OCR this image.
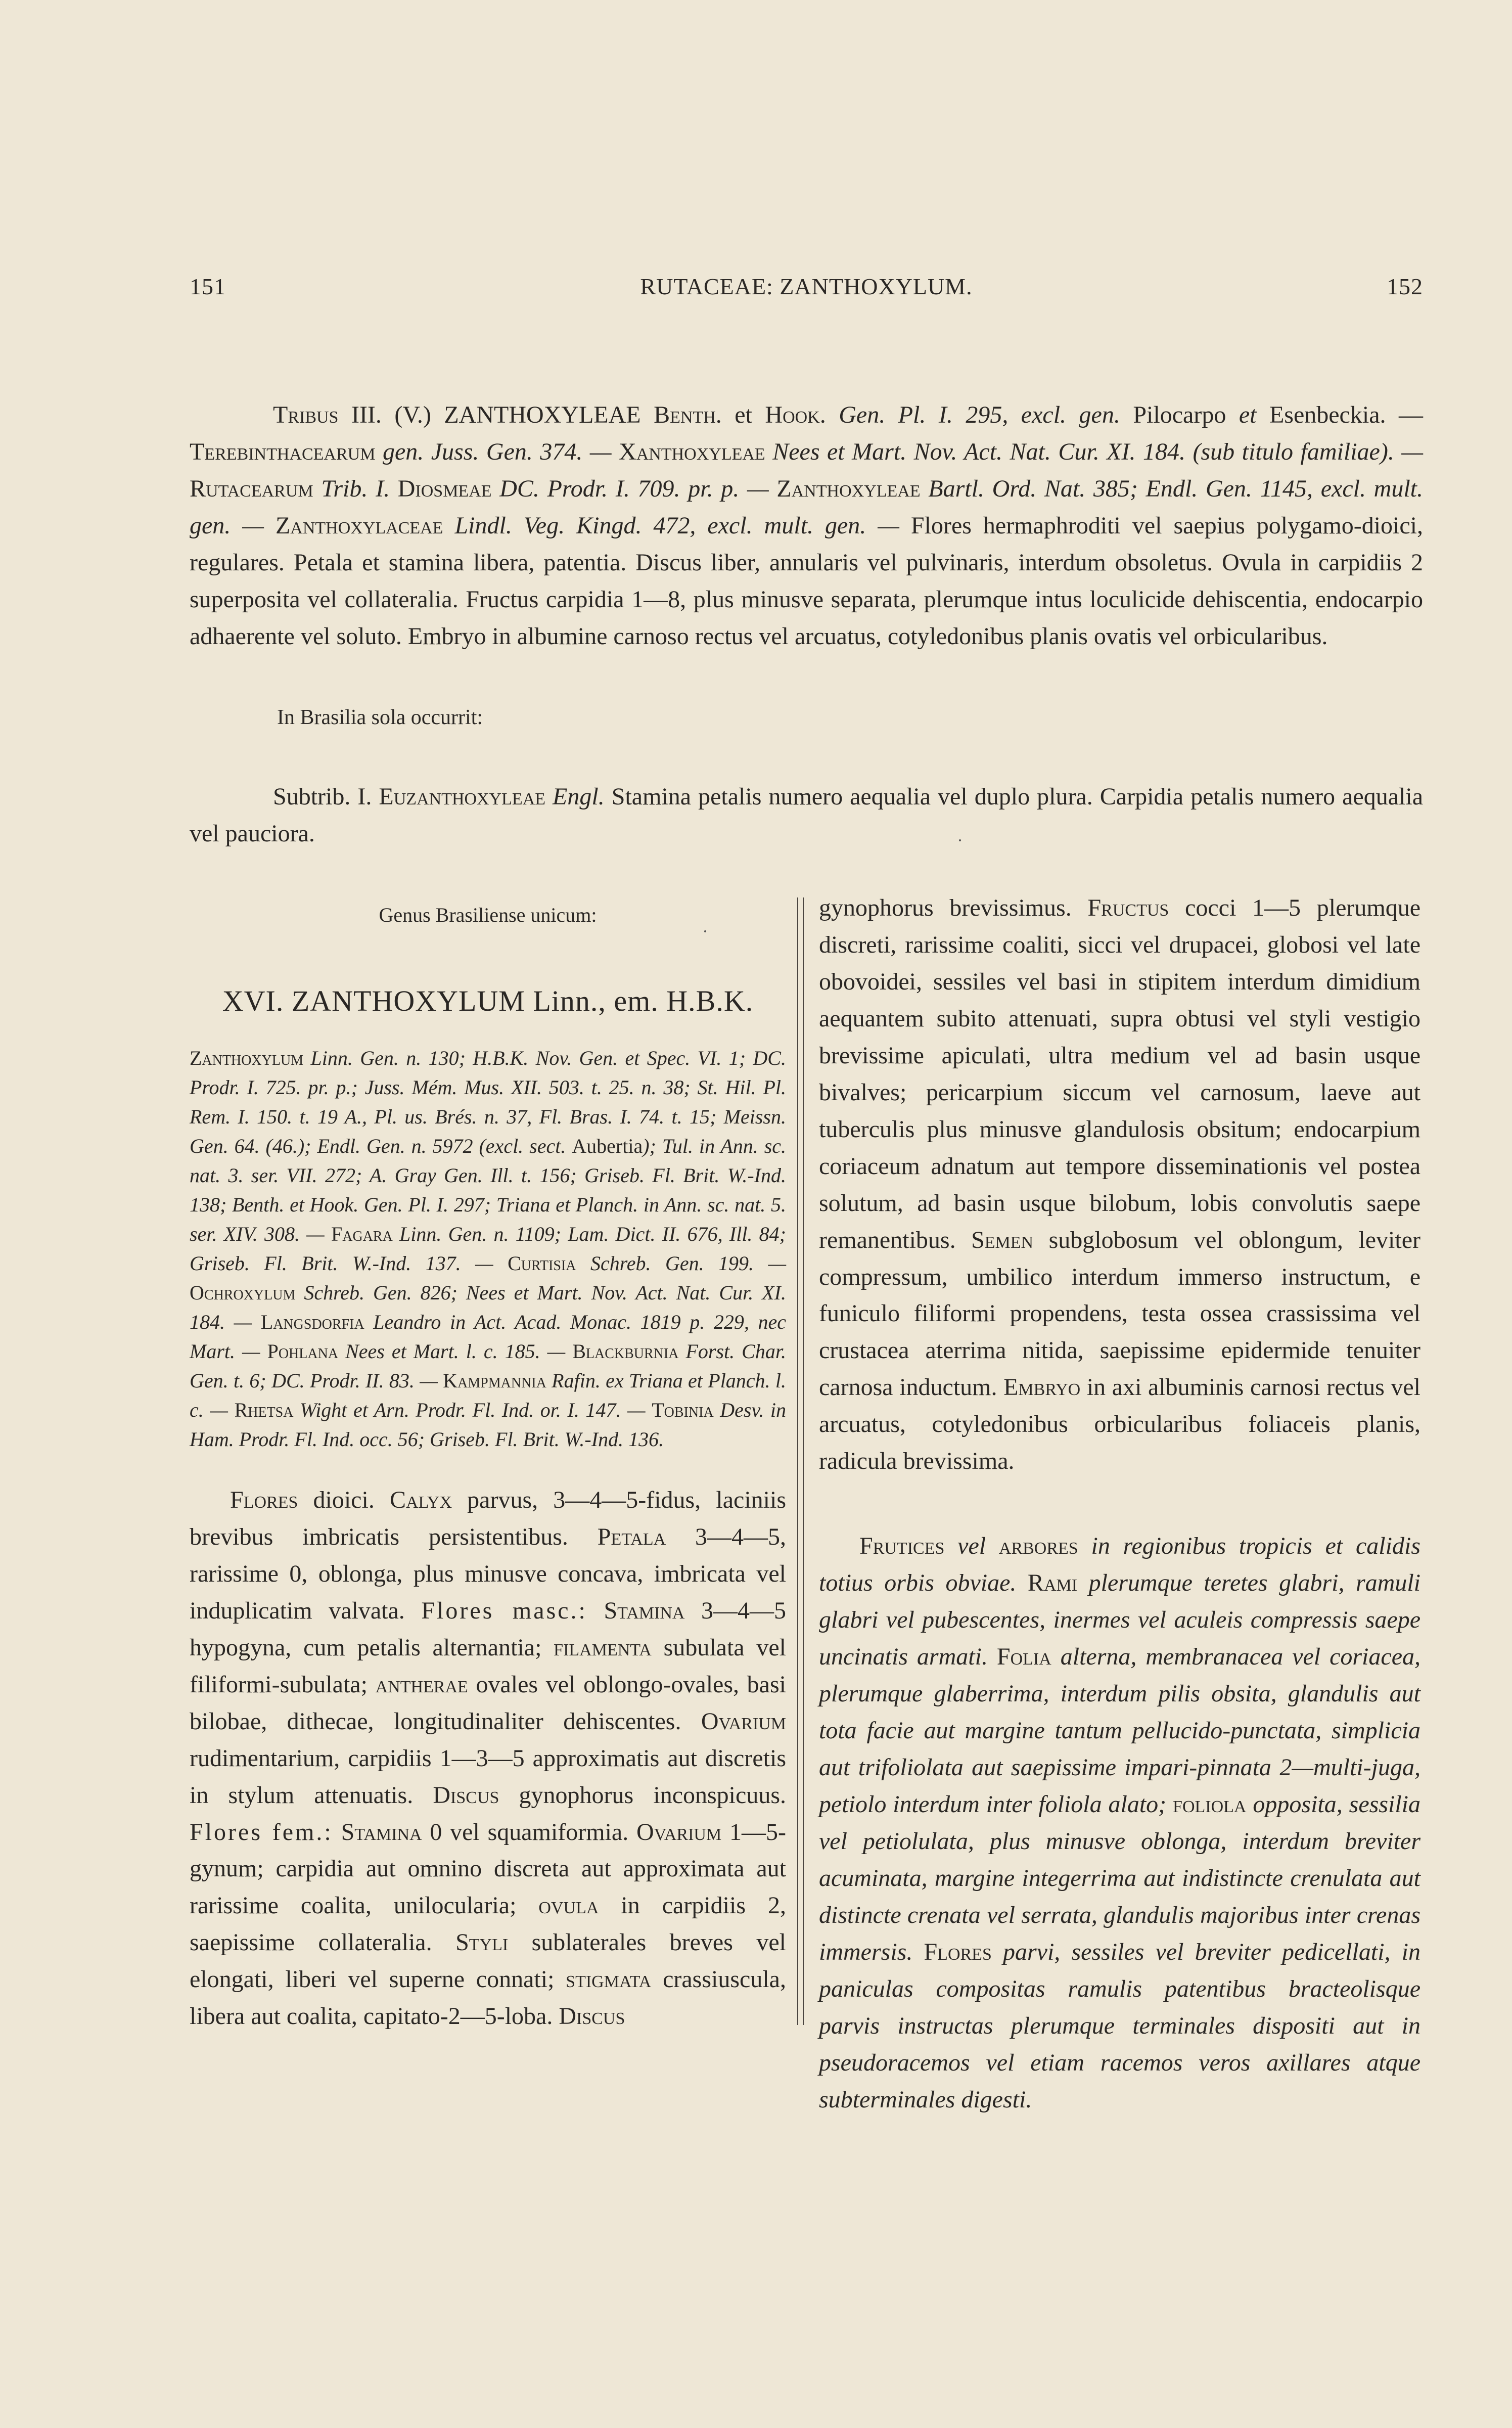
151	RUTACEAE: ZANTHOXYLUM.	152

Tribus III. (V.) ZANTHOXYLEAE Benth. et Hook. Gen. Pl. I. 295, excl. gen. Pilocarpo et Esenbeckia. — Terebinthacearum gen. Juss. Gen. 374. — Xanthoxyleae Nees et Mart. Nov. Act. Nat. Cur. XI. 184. (sub titulo familiae). — Rutacearum Trib. I. Diosmeae DC. Prodr. I. 709. pr. p. — Zanthoxyleae Bartl. Ord. Nat. 385; Endl. Gen. 1145, excl. mult. gen. — Zanthoxylaceae Lindl. Veg. Kingd. 472, excl. mult. gen. — Flores hermaphroditi vel saepius polygamo-dioici, regulares. Petala et stamina libera, patentia. Discus liber, annularis vel pulvinaris, interdum obsoletus. Ovula in carpidiis 2 superposita vel collateralia. Fructus carpidia 1—8, plus minusve separata, plerumque intus loculicide dehiscentia, endocarpio adhaerente vel soluto. Embryo in albumine carnoso rectus vel arcuatus, cotyledonibus planis ovatis vel orbicularibus.

In Brasilia sola occurrit:

Subtrib. I. Euzanthoxyleae Engl. Stamina petalis numero aequalia vel duplo plura. Carpidia petalis numero aequalia vel pauciora.

Genus Brasiliense unicum:
XVI. ZANTHOXYLUM Linn., em. H.B.K.
Zanthoxylum Linn. Gen. n. 130; H.B.K. Nov. Gen. et Spec. VI. 1; DC. Prodr. I. 725. pr. p.; Juss. Mém. Mus. XII. 503. t. 25. n. 38; St. Hil. Pl. Rem. I. 150. t. 19 A., Pl. us. Brés. n. 37, Fl. Bras. I. 74. t. 15; Meissn. Gen. 64. (46.); Endl. Gen. n. 5972 (excl. sect. Aubertia); Tul. in Ann. sc. nat. 3. ser. VII. 272; A. Gray Gen. Ill. t. 156; Griseb. Fl. Brit. W.-Ind. 138; Benth. et Hook. Gen. Pl. I. 297; Triana et Planch. in Ann. sc. nat. 5. ser. XIV. 308. — Fagara Linn. Gen. n. 1109; Lam. Dict. II. 676, Ill. 84; Griseb. Fl. Brit. W.-Ind. 137. — Curtisia Schreb. Gen. 199. — Ochroxylum Schreb. Gen. 826; Nees et Mart. Nov. Act. Nat. Cur. XI. 184. — Langsdorfia Leandro in Act. Acad. Monac. 1819 p. 229, nec Mart. — Pohlana Nees et Mart. l. c. 185. — Blackburnia Forst. Char. Gen. t. 6; DC. Prodr. II. 83. — Kampmannia Rafin. ex Triana et Planch. l. c. — Rhetsa Wight et Arn. Prodr. Fl. Ind. or. I. 147. — Tobinia Desv. in Ham. Prodr. Fl. Ind. occ. 56; Griseb. Fl. Brit. W.-Ind. 136.

Flores dioici. Calyx parvus, 3—4—5-fidus, laciniis brevibus imbricatis persistentibus. Petala 3—4—5, rarissime 0, oblonga, plus minusve concava, imbricata vel induplicatim valvata. Flores masc.: Stamina 3—4—5 hypogyna, cum petalis alternantia; filamenta subulata vel filiformi-subulata; antherae ovales vel oblongo-ovales, basi bilobae, dithecae, longitudinaliter dehiscentes. Ovarium rudimentarium, carpidiis 1—3—5 approximatis aut discretis in stylum attenuatis. Discus gynophorus inconspicuus. Flores fem.: Stamina 0 vel squamiformia. Ovarium 1—5-gynum; carpidia aut omnino discreta aut approximata aut rarissime coalita, unilocularia; ovula in carpidiis 2, saepissime collateralia. Styli sublaterales breves vel elongati, liberi vel superne connati; stigmata crassiuscula, libera aut coalita, capitato-2—5-loba. Discus

gynophorus brevissimus. Fructus cocci 1—5 plerumque discreti, rarissime coaliti, sicci vel drupacei, globosi vel late obovoidei, sessiles vel basi in stipitem interdum dimidium aequantem subito attenuati, supra obtusi vel styli vestigio brevissime apiculati, ultra medium vel ad basin usque bivalves; pericarpium siccum vel carnosum, laeve aut tuberculis plus minusve glandulosis obsitum; endocarpium coriaceum adnatum aut tempore disseminationis vel postea solutum, ad basin usque bilobum, lobis convolutis saepe remanentibus. Semen subglobosum vel oblongum, leviter compressum, umbilico interdum immerso instructum, e funiculo filiformi propendens, testa ossea crassissima vel crustacea aterrima nitida, saepissime epidermide tenuiter carnosa inductum. Embryo in axi albuminis carnosi rectus vel arcuatus, cotyledonibus orbicularibus foliaceis planis, radicula brevissima.

Frutices vel arbores in regionibus tropicis et calidis totius orbis obviae. Rami plerumque teretes glabri, ramuli glabri vel pubescentes, inermes vel aculeis compressis saepe uncinatis armati. Folia alterna, membranacea vel coriacea, plerumque glaberrima, interdum pilis obsita, glandulis aut tota facie aut margine tantum pellucido-punctata, simplicia aut trifoliolata aut saepissime impari-pinnata 2—multi-juga, petiolo interdum inter foliola alato; foliola opposita, sessilia vel petiolulata, plus minusve oblonga, interdum breviter acuminata, margine integerrima aut indistincte crenulata aut distincte crenata vel serrata, glandulis majoribus inter crenas immersis. Flores parvi, sessiles vel breviter pedicellati, in paniculas compositas ramulis patentibus bracteolisque parvis instructas plerumque terminales dispositi aut in pseudoracemos vel etiam racemos veros axillares atque subterminales digesti.
